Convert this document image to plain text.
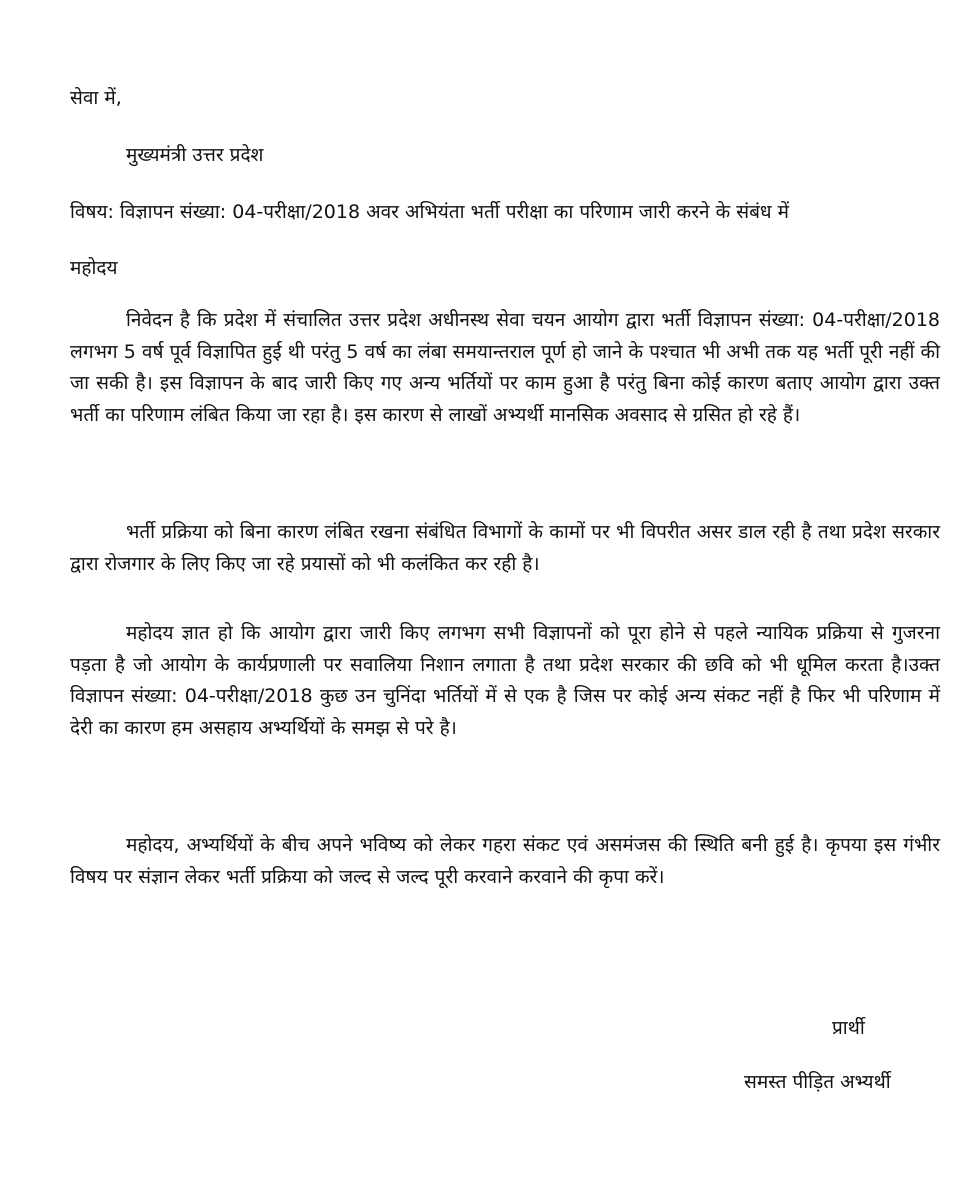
सेवा में,
मुख्यमंत्री उत्तर प्रदेश
विषय: विज्ञापन संख्या: 04-परीक्षा/2018 अवर अभियंता भर्ती परीक्षा का परिणाम जारी करने के संबंध में
महोदय

निवेदन है कि प्रदेश में संचालित उत्तर प्रदेश अधीनस्थ सेवा चयन आयोग द्वारा भर्ती विज्ञापन संख्या: 04-परीक्षा/2018 लगभग 5 वर्ष पूर्व विज्ञापित हुई थी परंतु 5 वर्ष का लंबा समयान्तराल पूर्ण हो जाने के पश्चात भी अभी तक यह भर्ती पूरी नहीं की जा सकी है। इस विज्ञापन के बाद जारी किए गए अन्य भर्तियों पर काम हुआ है परंतु बिना कोई कारण बताए आयोग द्वारा उक्त भर्ती का परिणाम लंबित किया जा रहा है। इस कारण से लाखों अभ्यर्थी मानसिक अवसाद से ग्रसित हो रहे हैं।

भर्ती प्रक्रिया को बिना कारण लंबित रखना संबंधित विभागों के कामों पर भी विपरीत असर डाल रही है तथा प्रदेश सरकार द्वारा रोजगार के लिए किए जा रहे प्रयासों को भी कलंकित कर रही है।

महोदय ज्ञात हो कि आयोग द्वारा जारी किए लगभग सभी विज्ञापनों को पूरा होने से पहले न्यायिक प्रक्रिया से गुजरना पड़ता है जो आयोग के कार्यप्रणाली पर सवालिया निशान लगाता है तथा प्रदेश सरकार की छवि को भी धूमिल करता है।उक्त विज्ञापन संख्या: 04-परीक्षा/2018 कुछ उन चुनिंदा भर्तियों में से एक है जिस पर कोई अन्य संकट नहीं है फिर भी परिणाम में देरी का कारण हम असहाय अभ्यर्थियों के समझ से परे है।

महोदय, अभ्यर्थियों के बीच अपने भविष्य को लेकर गहरा संकट एवं असमंजस की स्थिति बनी हुई है। कृपया इस गंभीर विषय पर संज्ञान लेकर भर्ती प्रक्रिया को जल्द से जल्द पूरी करवाने करवाने की कृपा करें।

प्रार्थी
समस्त पीड़ित अभ्यर्थी
